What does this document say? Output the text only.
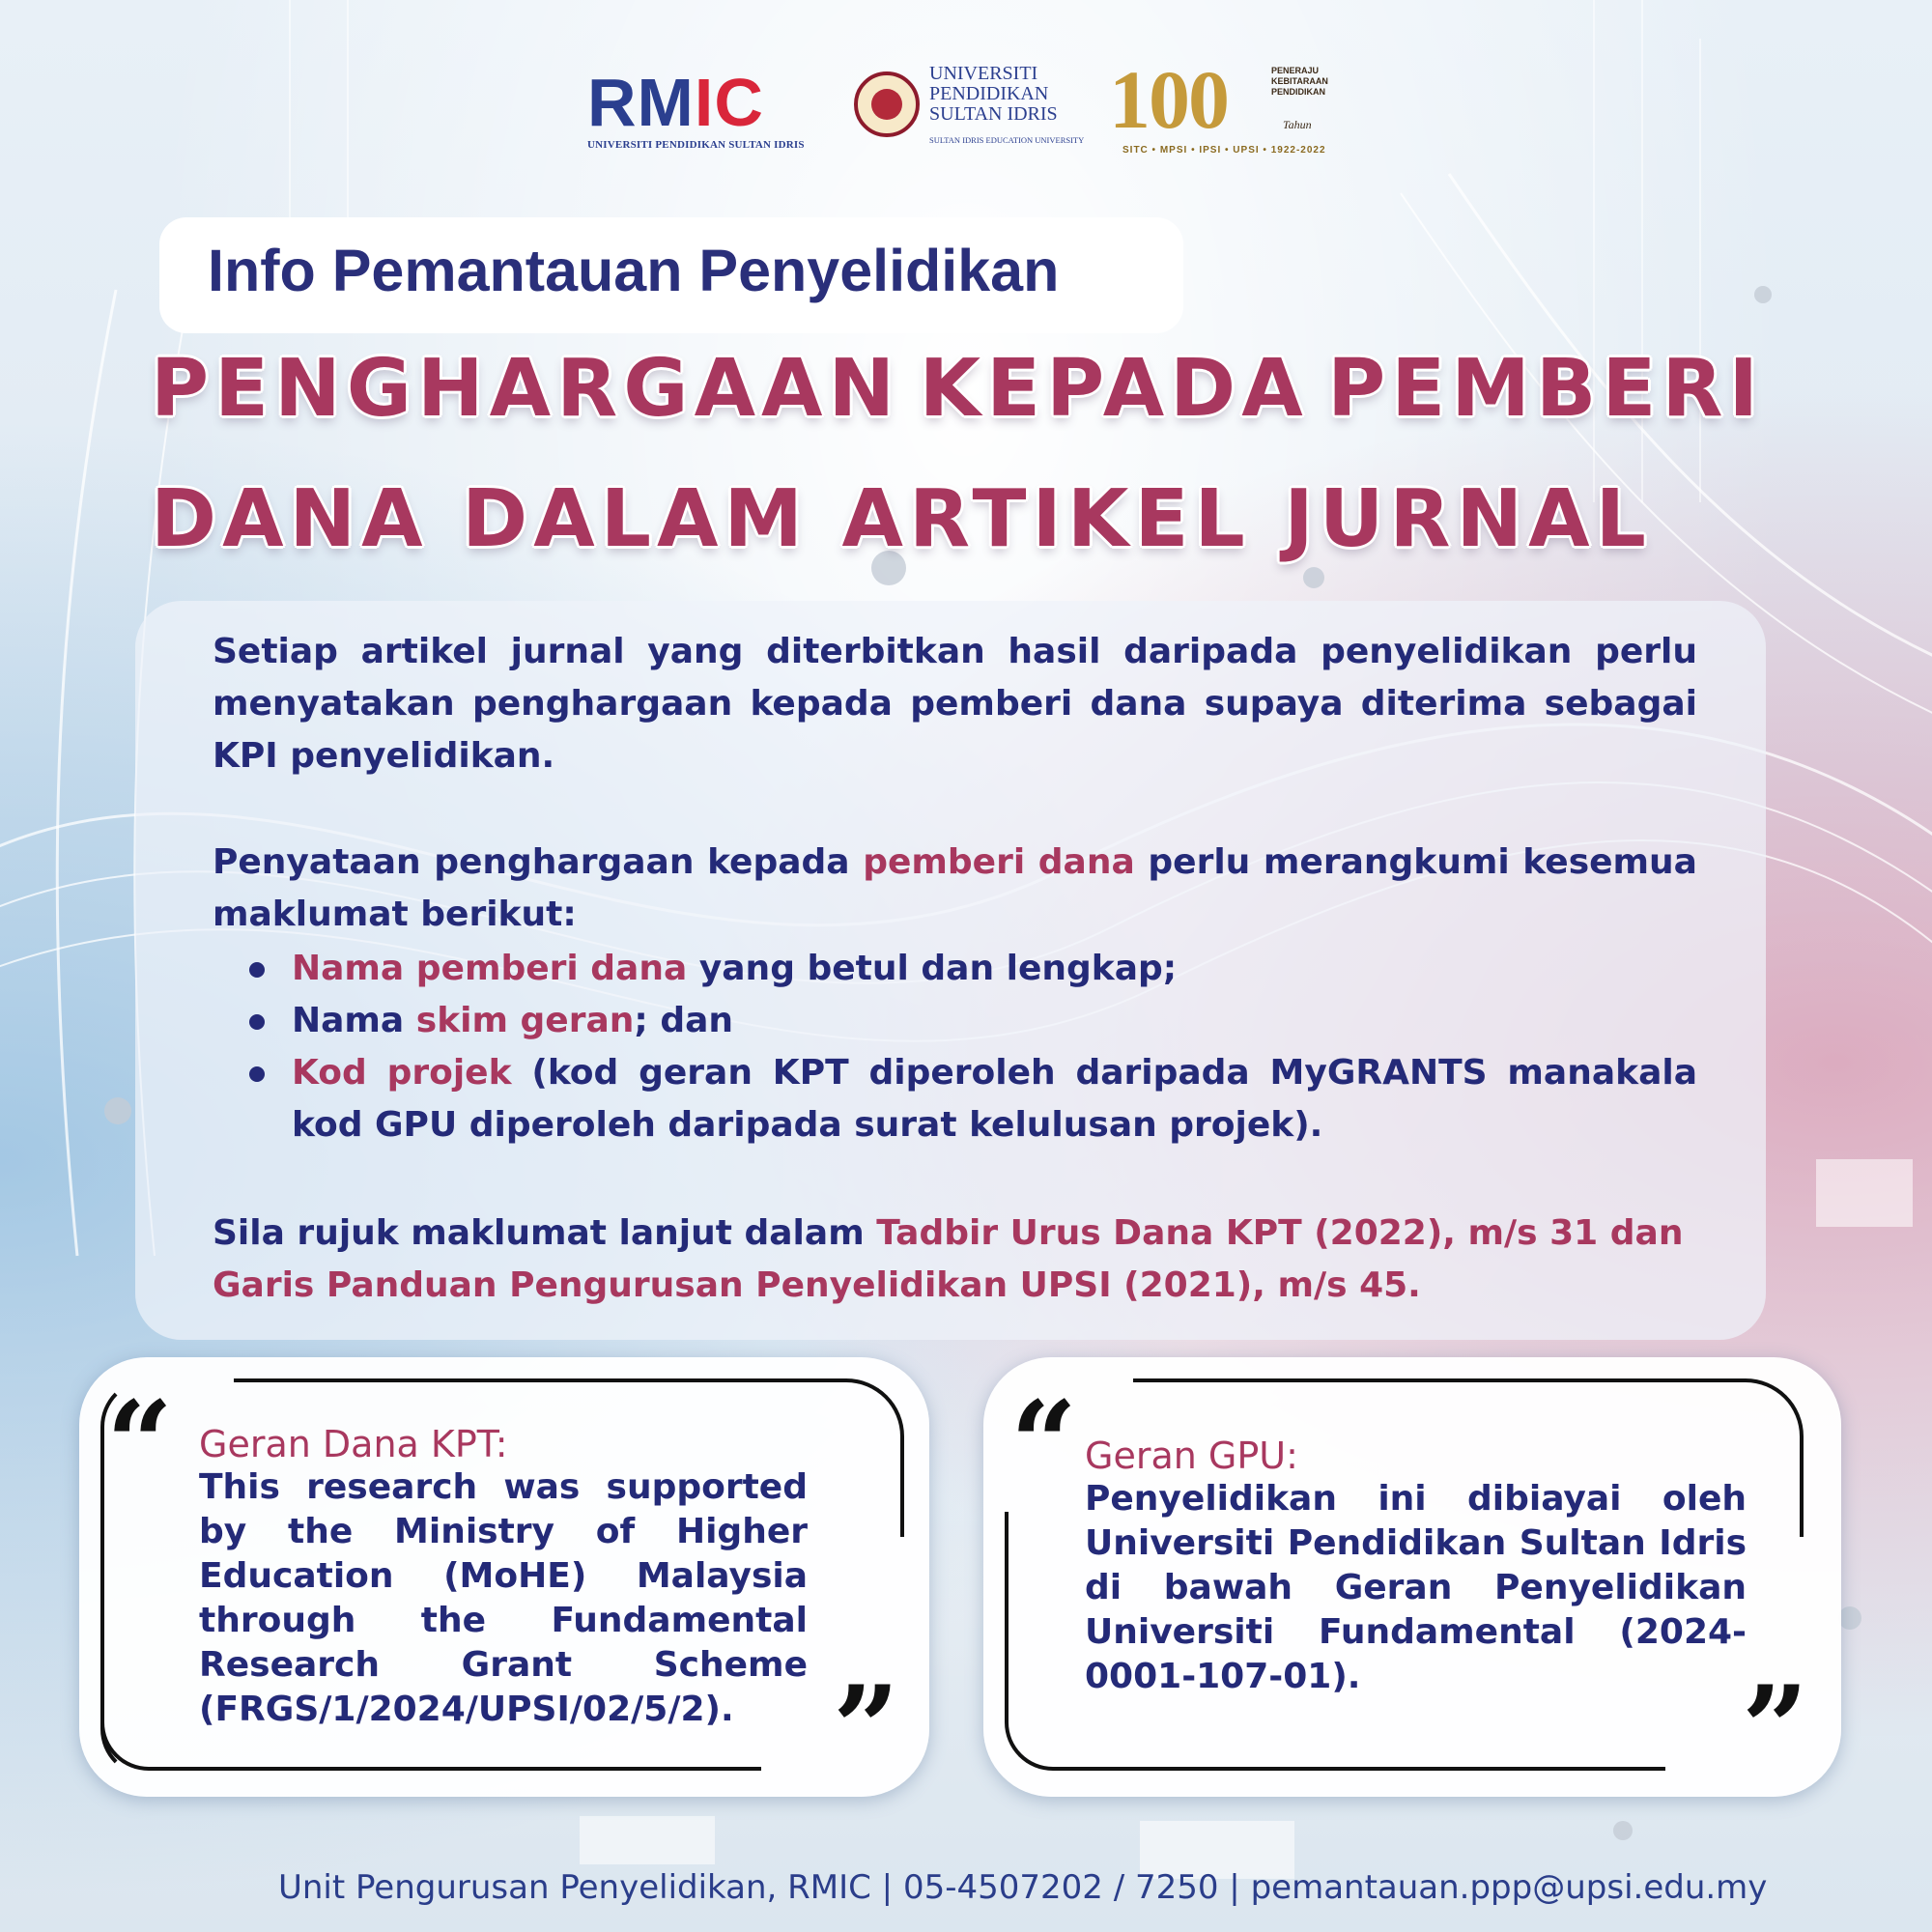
RMIC
UNIVERSITI PENDIDIKAN SULTAN IDRIS
UNIVERSITI
PENDIDIKAN
SULTAN IDRIS
SULTAN IDRIS EDUCATION UNIVERSITY 100	PENERAJU
KEBITARAAN
PENDIDIKAN
Tahun
SITC • MPSI • IPSI • UPSI • 1922-2022
Info Pemantauan Penyelidikan
PENGHARGAAN KEPADA PEMBERI
DANA DALAM ARTIKEL JURNAL
Setiap artikel jurnal yang diterbitkan hasil daripada penyelidikan perlu menyatakan penghargaan kepada pemberi dana supaya diterima sebagai KPI penyelidikan.
Penyataan penghargaan kepada pemberi dana perlu merangkumi kesemua maklumat berikut:
Nama pemberi dana yang betul dan lengkap;
Nama skim geran; dan
Kod projek (kod geran KPT diperoleh daripada MyGRANTS manakala kod GPU diperoleh daripada surat kelulusan projek).
Sila rujuk maklumat lanjut dalam Tadbir Urus Dana KPT (2022), m/s 31 dan
Garis Panduan Pengurusan Penyelidikan UPSI (2021), m/s 45.
“
”
Geran Dana KPT:
This research was supported by the Ministry of Higher Education (MoHE) Malaysia through the Fundamental Research Grant Scheme (FRGS/1/2024/UPSI/02/5/2).
“
”
Geran GPU:
Penyelidikan ini dibiayai oleh Universiti Pendidikan Sultan Idris di bawah Geran Penyelidikan Universiti Fundamental (2024-0001-107-01).
Unit Pengurusan Penyelidikan, RMIC | 05-4507202 / 7250 | pemantauan.ppp@upsi.edu.my
